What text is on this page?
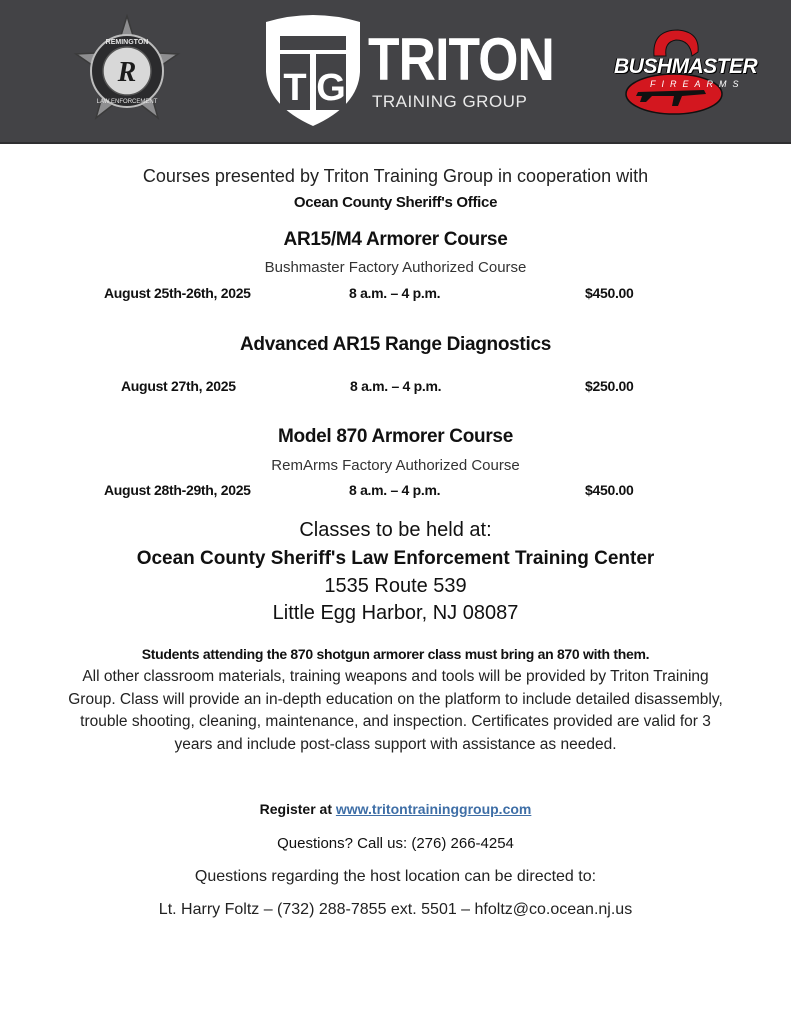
R
REMINGTON
LAW ENFORCEMENT	T G TRITON
TRAINING GROUP
BUSHMASTER
FIREARMS
Courses presented by Triton Training Group in cooperation with
Ocean County Sheriff's Office
AR15/M4 Armorer Course
Bushmaster Factory Authorized Course
August 25th-26th, 2025	8 a.m. – 4 p.m.	$450.00
Advanced AR15 Range Diagnostics
August 27th, 2025	8 a.m. – 4 p.m.	$250.00
Model 870 Armorer Course
RemArms Factory Authorized Course
August 28th-29th, 2025	8 a.m. – 4 p.m.	$450.00
Classes to be held at:
Ocean County Sheriff's Law Enforcement Training Center
1535 Route 539
Little Egg Harbor, NJ 08087
Students attending the 870 shotgun armorer class must bring an 870 with them.
All other classroom materials, training weapons and tools will be provided by Triton Training Group. Class will provide an in-depth education on the platform to include detailed disassembly, trouble shooting, cleaning, maintenance, and inspection. Certificates provided are valid for 3 years and include post-class support with assistance as needed.
Register at www.tritontraininggroup.com
Questions? Call us: (276) 266-4254
Questions regarding the host location can be directed to:
Lt. Harry Foltz – (732) 288-7855 ext. 5501 – hfoltz@co.ocean.nj.us
